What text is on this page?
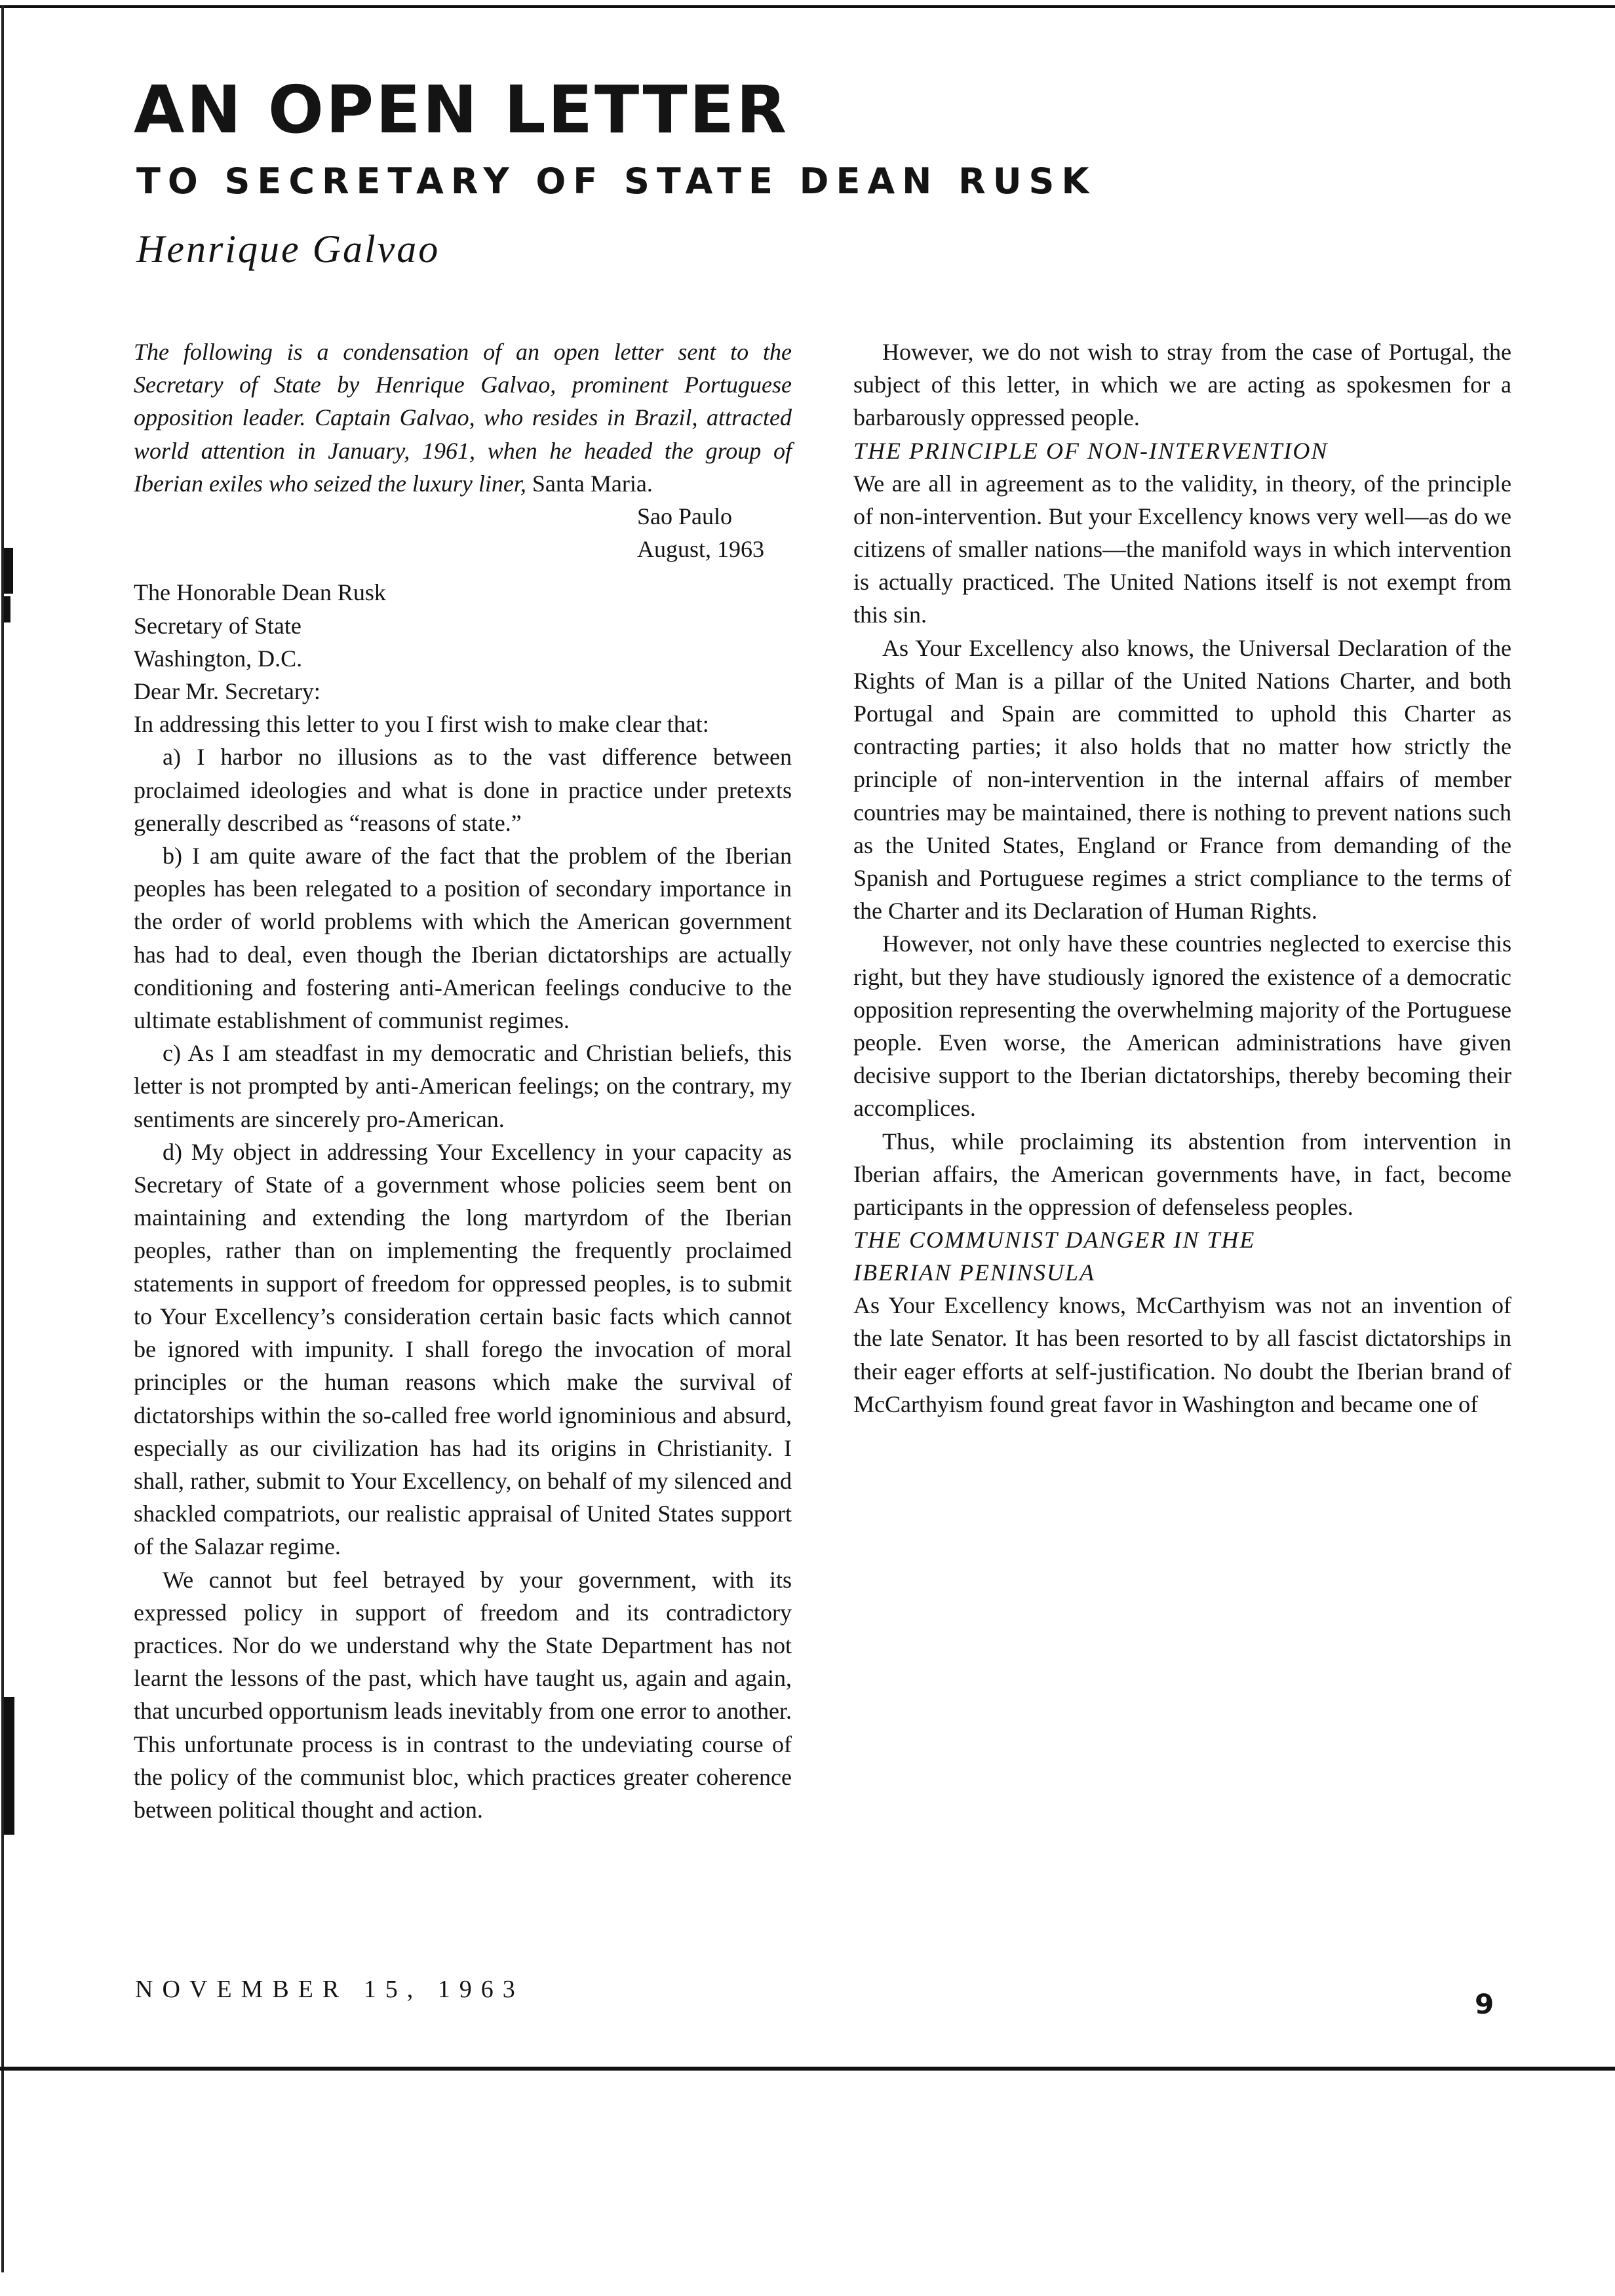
AN OPEN LETTER
TO SECRETARY OF STATE DEAN RUSK
Henrique Galvao

The following is a condensation of an open letter sent to the Secretary of State by Henrique Galvao, prominent Portuguese opposition leader. Captain Galvao, who resides in Brazil, attracted world attention in January, 1961, when he headed the group of Iberian exiles who seized the luxury liner, Santa Maria.

Sao Paulo

August, 1963

The Honorable Dean Rusk
Secretary of State
Washington, D.C.

Dear Mr. Secretary:

In addressing this letter to you I first wish to make clear that:

a) I harbor no illusions as to the vast difference between proclaimed ideologies and what is done in practice under pretexts generally described as “reasons of state.”

b) I am quite aware of the fact that the problem of the Iberian peoples has been relegated to a position of secondary importance in the order of world problems with which the American government has had to deal, even though the Iberian dictatorships are actually conditioning and fostering anti-American feelings conducive to the ultimate establishment of communist regimes.

c) As I am steadfast in my democratic and Christian beliefs, this letter is not prompted by anti-American feelings; on the contrary, my sentiments are sincerely pro-American.

d) My object in addressing Your Excellency in your capacity as Secretary of State of a government whose policies seem bent on maintaining and extending the long martyrdom of the Iberian peoples, rather than on implementing the frequently proclaimed statements in support of freedom for oppressed peoples, is to submit to Your Excellency’s consideration certain basic facts which cannot be ignored with impunity. I shall forego the invocation of moral principles or the human reasons which make the survival of dictatorships within the so-called free world ignominious and absurd, especially as our civilization has had its origins in Christianity. I shall, rather, submit to Your Excellency, on behalf of my silenced and shackled compatriots, our realistic appraisal of United States support of the Salazar regime.

We cannot but feel betrayed by your government, with its expressed policy in support of freedom and its contradictory practices. Nor do we understand why the State Department has not learnt the lessons of the past, which have taught us, again and again, that uncurbed opportunism leads inevitably from one error to another. This unfortunate process is in contrast to the undeviating course of the policy of the communist bloc, which practices greater coherence between political thought and action.

However, we do not wish to stray from the case of Portugal, the subject of this letter, in which we are acting as spokesmen for a barbarously oppressed people.

THE PRINCIPLE OF NON-INTERVENTION

We are all in agreement as to the validity, in theory, of the principle of non-intervention. But your Excellency knows very well—as do we citizens of smaller nations—the manifold ways in which intervention is actually practiced. The United Nations itself is not exempt from this sin.

As Your Excellency also knows, the Universal Declaration of the Rights of Man is a pillar of the United Nations Charter, and both Portugal and Spain are committed to uphold this Charter as contracting parties; it also holds that no matter how strictly the principle of non-intervention in the internal affairs of member countries may be maintained, there is nothing to prevent nations such as the United States, England or France from demanding of the Spanish and Portuguese regimes a strict compliance to the terms of the Charter and its Declaration of Human Rights.

However, not only have these countries neglected to exercise this right, but they have studiously ignored the existence of a democratic opposition representing the overwhelming majority of the Portuguese people. Even worse, the American administrations have given decisive support to the Iberian dictatorships, thereby becoming their accomplices.

Thus, while proclaiming its abstention from intervention in Iberian affairs, the American governments have, in fact, become participants in the oppression of defenseless peoples.

THE COMMUNIST DANGER IN THE
IBERIAN PENINSULA

As Your Excellency knows, McCarthyism was not an invention of the late Senator. It has been resorted to by all fascist dictatorships in their eager efforts at self-justification. No doubt the Iberian brand of McCarthyism found great favor in Washington and became one of

NOVEMBER 15, 1963	9
